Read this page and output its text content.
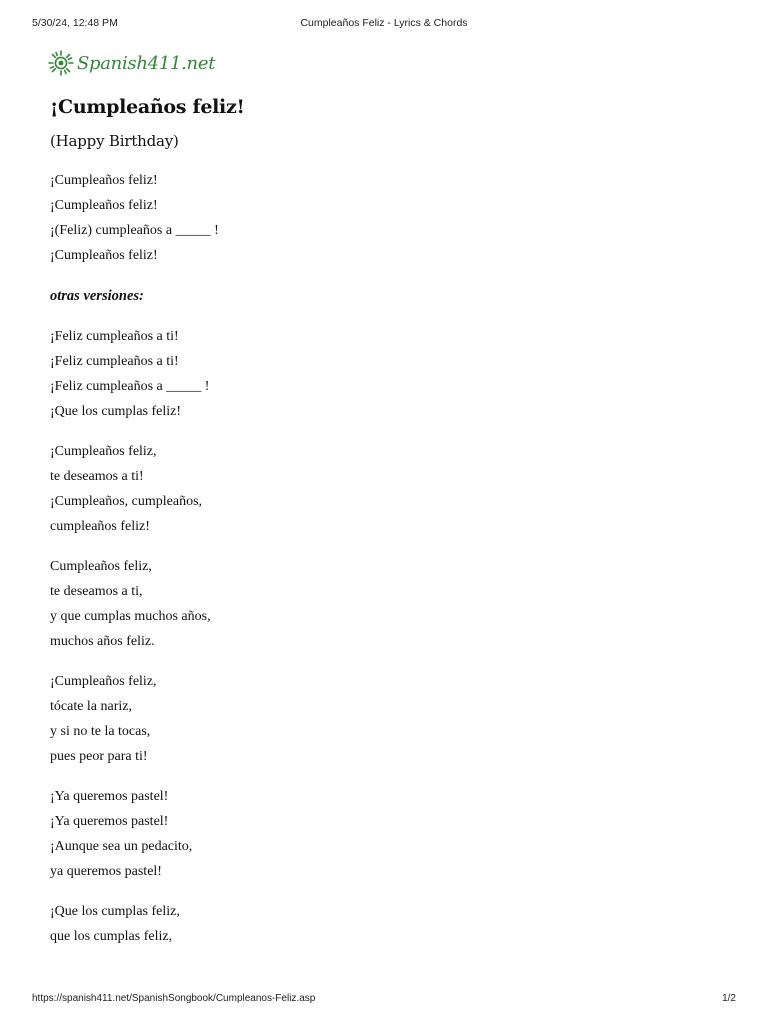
5/30/24, 12:48 PM	Cumpleaños Feliz - Lyrics & Chords
Spanish411.net
¡Cumpleaños feliz!

(Happy Birthday)

¡Cumpleaños feliz!
¡Cumpleaños feliz!
¡(Feliz) cumpleaños a _____ !
¡Cumpleaños feliz!
otras versiones:
¡Feliz cumpleaños a ti!
¡Feliz cumpleaños a ti!
¡Feliz cumpleaños a _____ !
¡Que los cumplas feliz!
¡Cumpleaños feliz,
te deseamos a ti!
¡Cumpleaños, cumpleaños,
cumpleaños feliz!
Cumpleaños feliz,
te deseamos a ti,
y que cumplas muchos años,
muchos años feliz.
¡Cumpleaños feliz,
tócate la nariz,
y si no te la tocas,
pues peor para ti!
¡Ya queremos pastel!
¡Ya queremos pastel!
¡Aunque sea un pedacito,
ya queremos pastel!
¡Que los cumplas feliz,
que los cumplas feliz,
https://spanish411.net/SpanishSongbook/Cumpleanos-Feliz.asp	1/2
